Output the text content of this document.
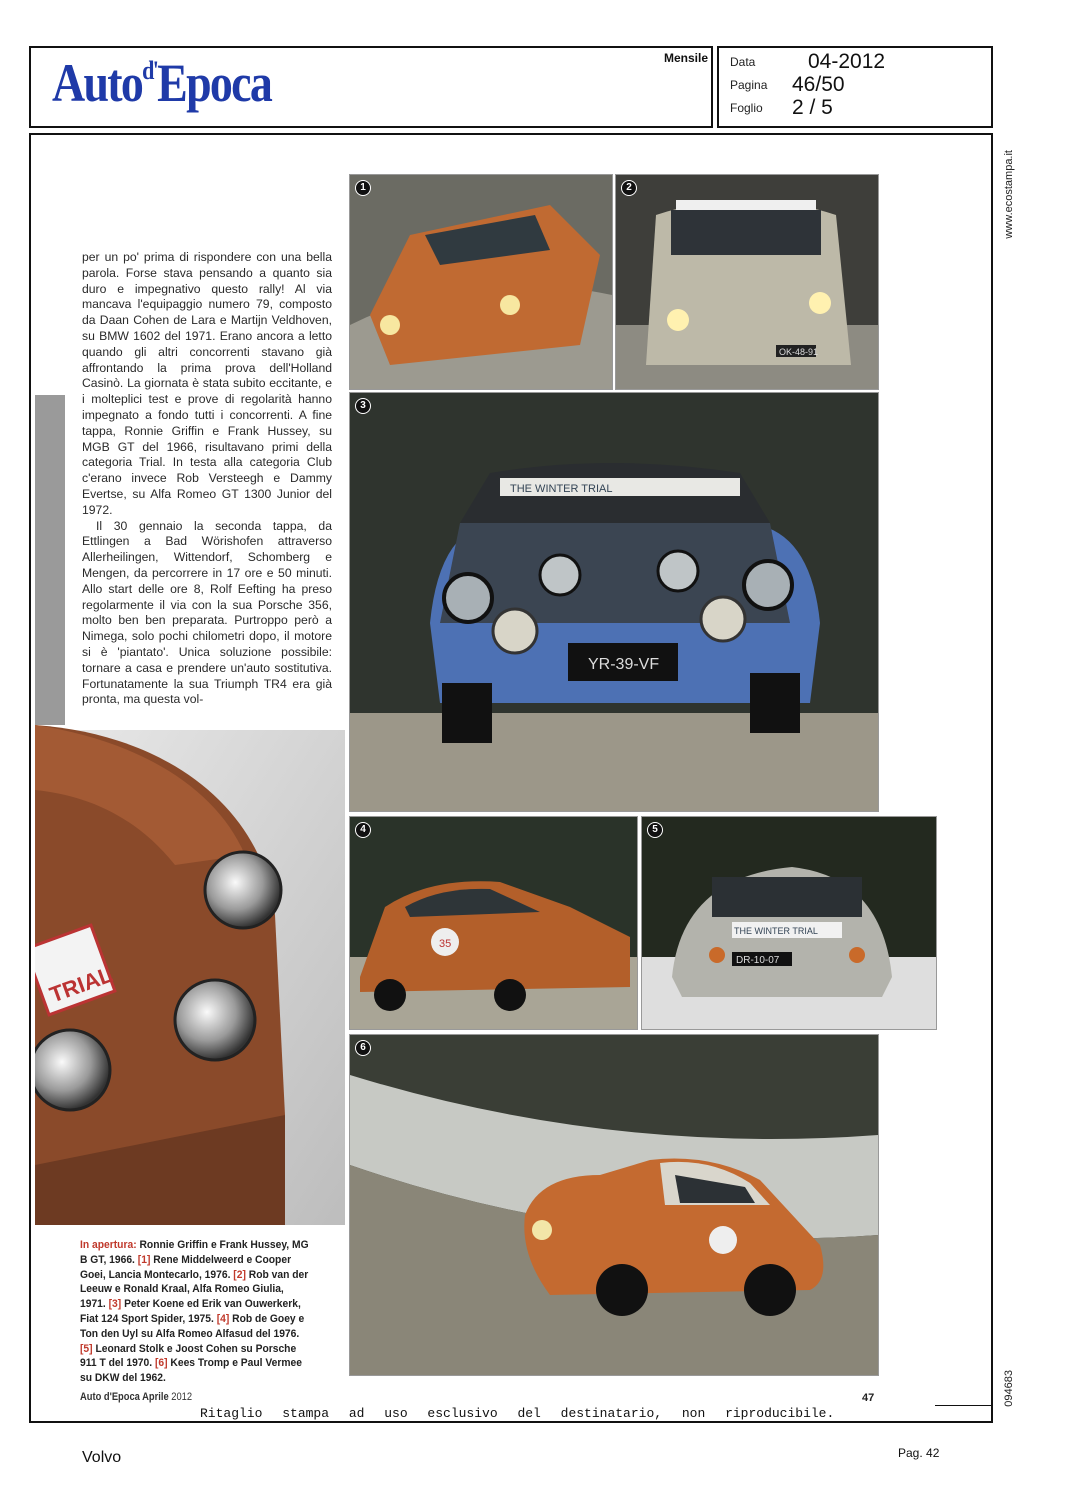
Auto$^{d'}$Epoca	Mensile Data	04-2012
Pagina 46/50
Foglio 2 / 5
www.ecostampa.it
TRIAL

per un po' prima di rispondere con una bella parola. Forse stava pensando a quanto sia duro e impegnativo questo rally! Al via mancava l'equipaggio numero 79, composto da Daan Cohen de Lara e Martijn Veldhoven, su BMW 1602 del 1971. Erano ancora a letto quando gli altri concorrenti stavano già affrontando la prima prova dell'Holland Casinò. La giornata è stata subito eccitante, e i molteplici test e prove di regolarità hanno impegnato a fondo tutti i concorrenti. A fine tappa, Ronnie Griffin e Frank Hussey, su MGB GT del 1966, risultavano primi della categoria Trial. In testa alla categoria Club c'erano invece Rob Versteegh e Dammy Evertse, su Alfa Romeo GT 1300 Junior del 1972.

Il 30 gennaio la seconda tappa, da Ettlingen a Bad Wörishofen attraverso Allerheilingen, Wittendorf, Schomberg e Mengen, da percorrere in 17 ore e 50 minuti. Allo start delle ore 8, Rolf Eefting ha preso regolarmente il via con la sua Porsche 356, molto ben ben preparata. Purtroppo però a Nimega, solo pochi chilometri dopo, il motore si è 'piantato'. Unica soluzione possibile: tornare a casa e prendere un'auto sostitutiva. Fortunatamente la sua Triumph TR4 era già pronta, ma questa vol-

1
OK-48-91
2
THE WINTER TRIAL
YR-39-VF
3
35
4
THE WINTER TRIAL
DR-10-07
5
6
In apertura: Ronnie Griffin e Frank Hussey, MG B GT, 1966. [1] Rene Middelweerd e Cooper Goei, Lancia Montecarlo, 1976. [2] Rob van der Leeuw e Ronald Kraal, Alfa Romeo Giulia, 1971. [3] Peter Koene ed Erik van Ouwerkerk, Fiat 124 Sport Spider, 1975. [4] Rob de Goey e Ton den Uyl su Alfa Romeo Alfasud del 1976. [5] Leonard Stolk e Joost Cohen su Porsche 911 T del 1970. [6] Kees Tromp e Paul Vermee su DKW del 1962.
Auto d'Epoca Aprile 2012	47
Ritaglio stampa ad uso esclusivo del destinatario, non riproducibile.
094683
Volvo	Pag. 42
